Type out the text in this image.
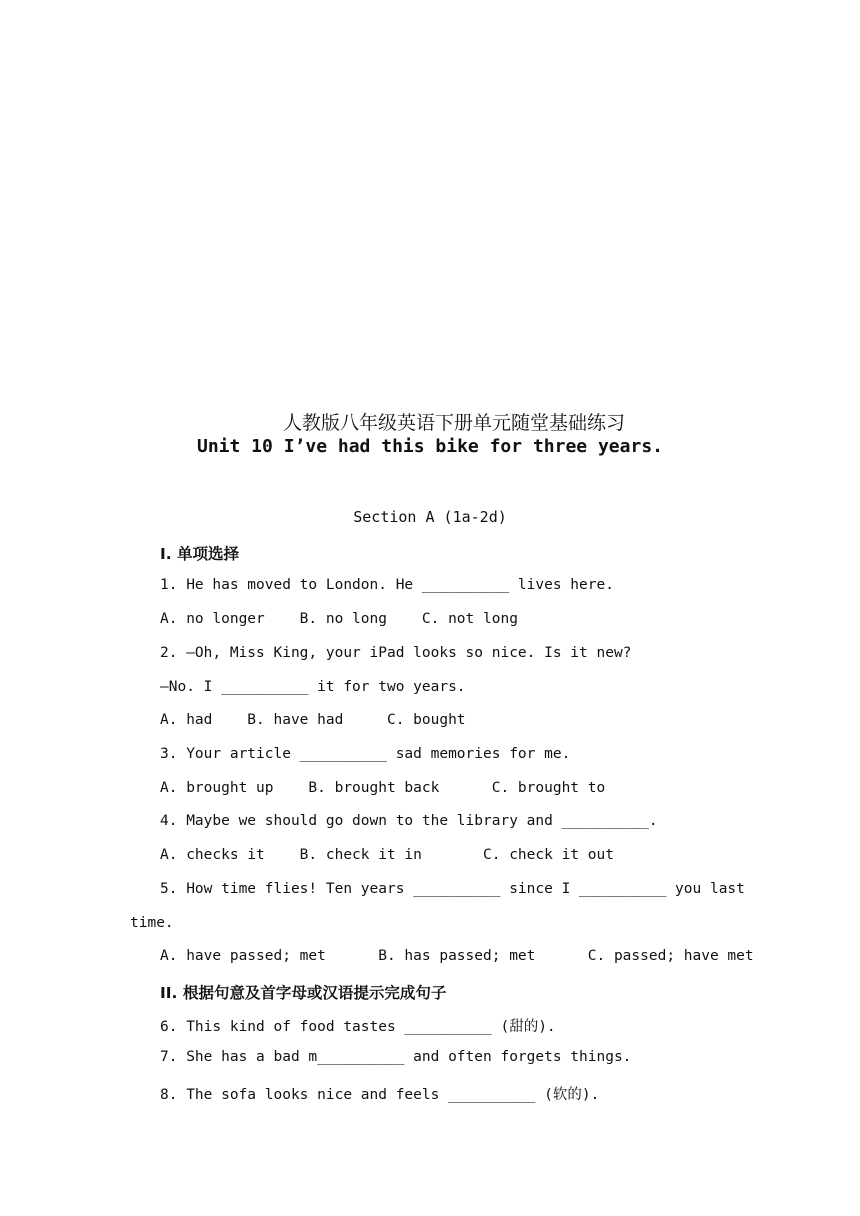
人教版八年级英语下册单元随堂基础练习
Unit 10 I’ve had this bike for three years.
Section A (1a-2d)
I. 单项选择
1. He has moved to London. He __________ lives here.
A. no longer    B. no long    C. not long
2. —Oh, Miss King, your iPad looks so nice. Is it new?
—No. I __________ it for two years.
A. had    B. have had     C. bought
3. Your article __________ sad memories for me.
A. brought up    B. brought back      C. brought to
4. Maybe we should go down to the library and __________.
A. checks it    B. check it in       C. check it out
5. How time flies! Ten years __________ since I __________ you last
time.
A. have passed; met      B. has passed; met      C. passed; have met
II. 根据句意及首字母或汉语提示完成句子
6. This kind of food tastes __________ (甜的).
7. She has a bad m__________ and often forgets things.
8. The sofa looks nice and feels __________ (软的).
